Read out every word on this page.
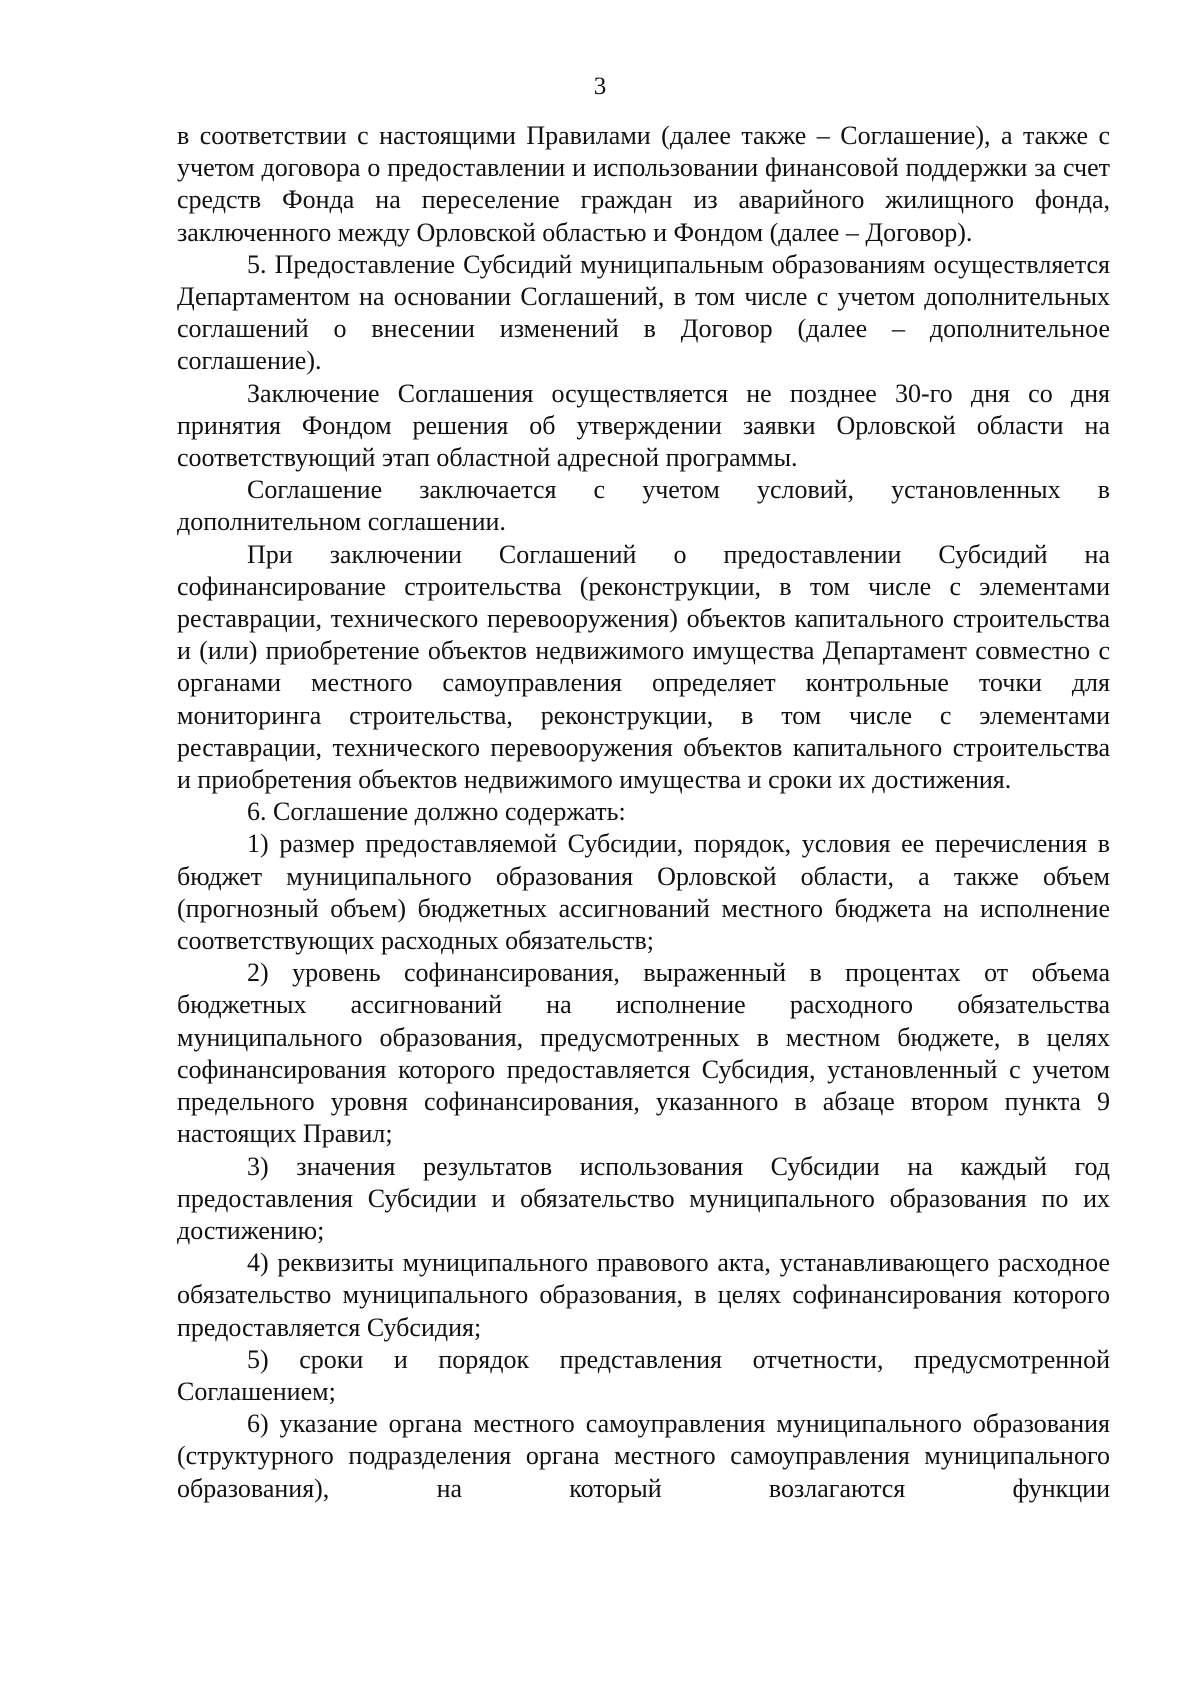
3

в соответствии с настоящими Правилами (далее также – Соглашение), а также с учетом договора о предоставлении и использовании финансовой поддержки за счет средств Фонда на переселение граждан из аварийного жилищного фонда, заключенного между Орловской областью и Фондом (далее – Договор).

5. Предоставление Субсидий муниципальным образованиям осуществляется Департаментом на основании Соглашений, в том числе с учетом дополнительных соглашений о внесении изменений в Договор (далее – дополнительное соглашение).

Заключение Соглашения осуществляется не позднее 30-го дня со дня принятия Фондом решения об утверждении заявки Орловской области на соответствующий этап областной адресной программы.

Соглашение заключается с учетом условий, установленных в дополнительном соглашении.

При заключении Соглашений о предоставлении Субсидий на софинансирование строительства (реконструкции, в том числе с элементами реставрации, технического перевооружения) объектов капитального строительства и (или) приобретение объектов недвижимого имущества Департамент совместно с органами местного самоуправления определяет контрольные точки для мониторинга строительства, реконструкции, в том числе с элементами реставрации, технического перевооружения объектов капитального строительства и приобретения объектов недвижимого имущества и сроки их достижения.

6. Соглашение должно содержать:

1) размер предоставляемой Субсидии, порядок, условия ее перечисления в бюджет муниципального образования Орловской области, а также объем (прогнозный объем) бюджетных ассигнований местного бюджета на исполнение соответствующих расходных обязательств;

2) уровень софинансирования, выраженный в процентах от объема бюджетных ассигнований на исполнение расходного обязательства муниципального образования, предусмотренных в местном бюджете, в целях софинансирования которого предоставляется Субсидия, установленный с учетом предельного уровня софинансирования, указанного в абзаце втором пункта 9 настоящих Правил;

3) значения результатов использования Субсидии на каждый год предоставления Субсидии и обязательство муниципального образования по их достижению;

4) реквизиты муниципального правового акта, устанавливающего расходное обязательство муниципального образования, в целях софинансирования которого предоставляется Субсидия;

5) сроки и порядок представления отчетности, предусмотренной Соглашением;

6) указание органа местного самоуправления муниципального образования (структурного подразделения органа местного самоуправления муниципального образования), на который возлагаются функции
